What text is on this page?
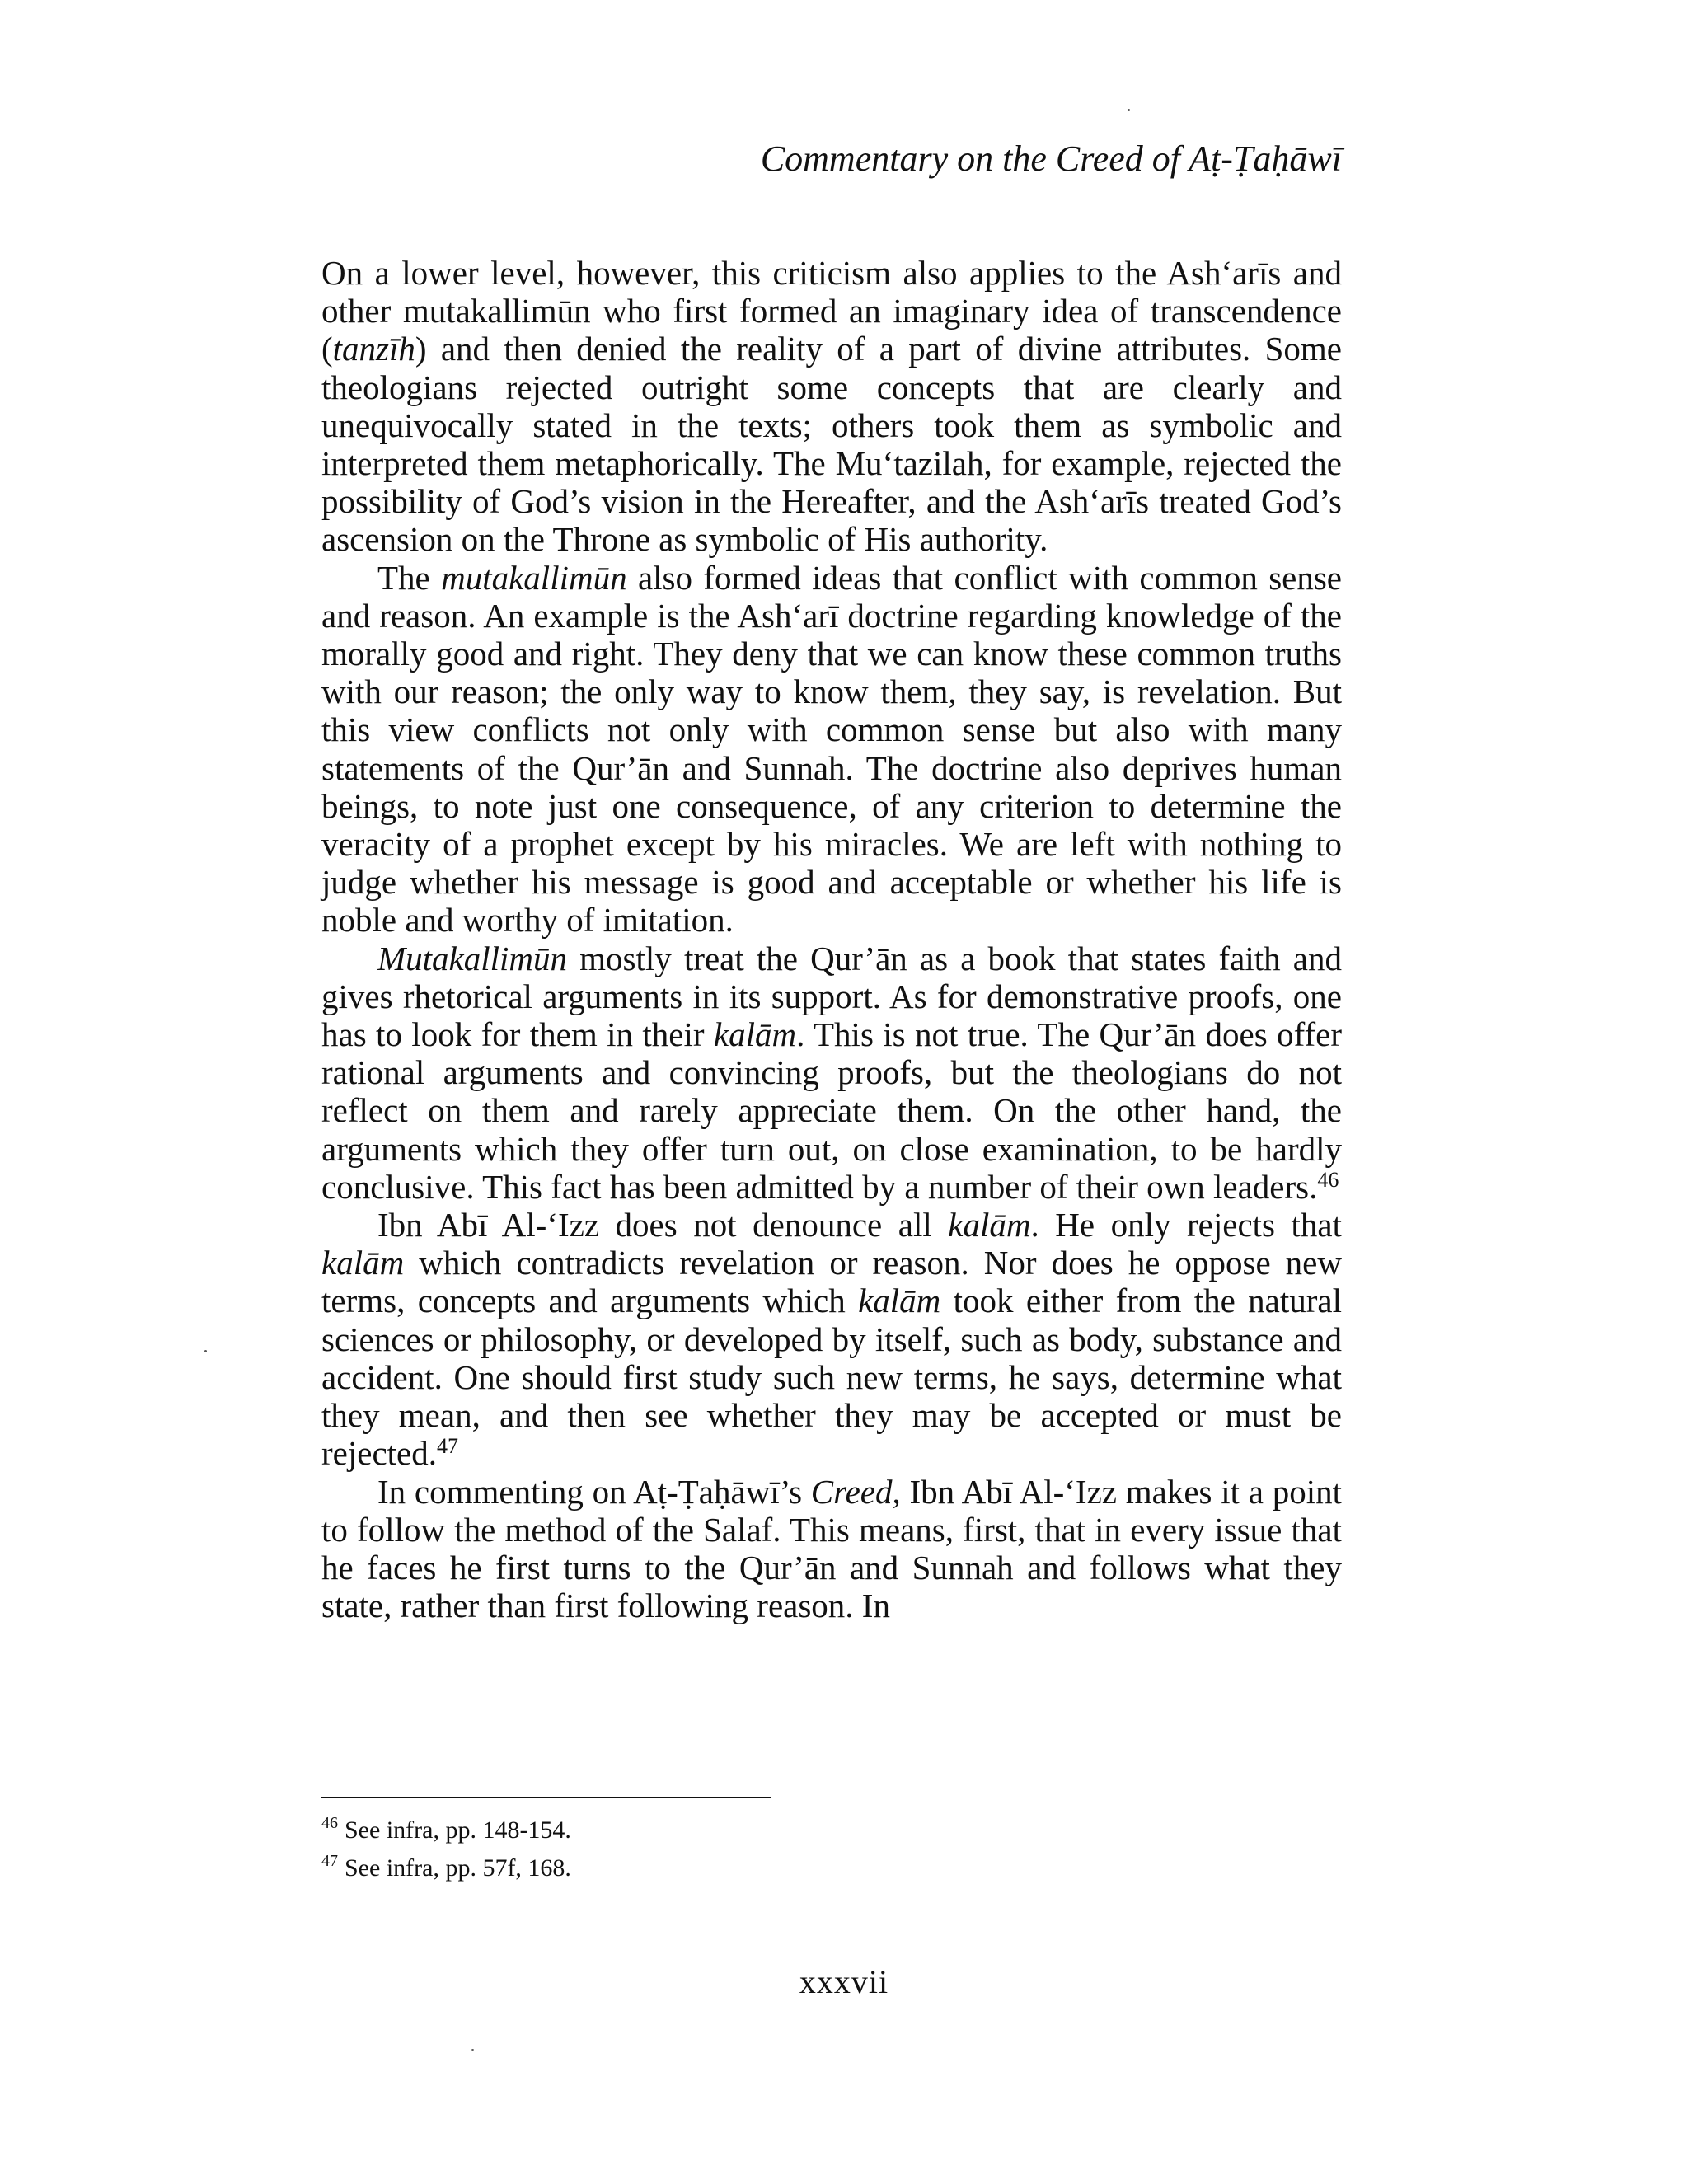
Commentary on the Creed of Aṭ-Ṭaḥāwī

On a lower level, however, this criticism also applies to the Ash‘arīs and other mutakallimūn who first formed an imaginary idea of transcendence (tanzīh) and then denied the reality of a part of divine attributes. Some theologians rejected outright some concepts that are clearly and unequivocally stated in the texts; others took them as symbolic and interpreted them metaphorically. The Mu‘tazilah, for example, rejected the possibility of God’s vision in the Hereafter, and the Ash‘arīs treated God’s ascension on the Throne as symbolic of His authority.

The mutakallimūn also formed ideas that conflict with common sense and reason. An example is the Ash‘arī doctrine regarding knowledge of the morally good and right. They deny that we can know these common truths with our reason; the only way to know them, they say, is revelation. But this view conflicts not only with common sense but also with many statements of the Qur’ān and Sunnah. The doctrine also deprives human beings, to note just one consequence, of any criterion to determine the veracity of a prophet except by his miracles. We are left with nothing to judge whether his message is good and acceptable or whether his life is noble and worthy of imitation.

Mutakallimūn mostly treat the Qur’ān as a book that states faith and gives rhetorical arguments in its support. As for demonstrative proofs, one has to look for them in their kalām. This is not true. The Qur’ān does offer rational arguments and convincing proofs, but the theologians do not reflect on them and rarely appreciate them. On the other hand, the arguments which they offer turn out, on close examination, to be hardly conclusive. This fact has been admitted by a number of their own leaders.$^{46}$

Ibn Abī Al-‘Izz does not denounce all kalām. He only rejects that kalām which contradicts revelation or reason. Nor does he oppose new terms, concepts and arguments which kalām took either from the natural sciences or philosophy, or developed by itself, such as body, substance and accident. One should first study such new terms, he says, determine what they mean, and then see whether they may be accepted or must be rejected.$^{47}$

In commenting on Aṭ-Ṭaḥāwī’s Creed, Ibn Abī Al-‘Izz makes it a point to follow the method of the Salaf. This means, first, that in every issue that he faces he first turns to the Qur’ān and Sunnah and follows what they state, rather than first following reason. In

$^{46}$ See infra, pp. 148-154.
$^{47}$ See infra, pp. 57f, 168.
xxxvii
